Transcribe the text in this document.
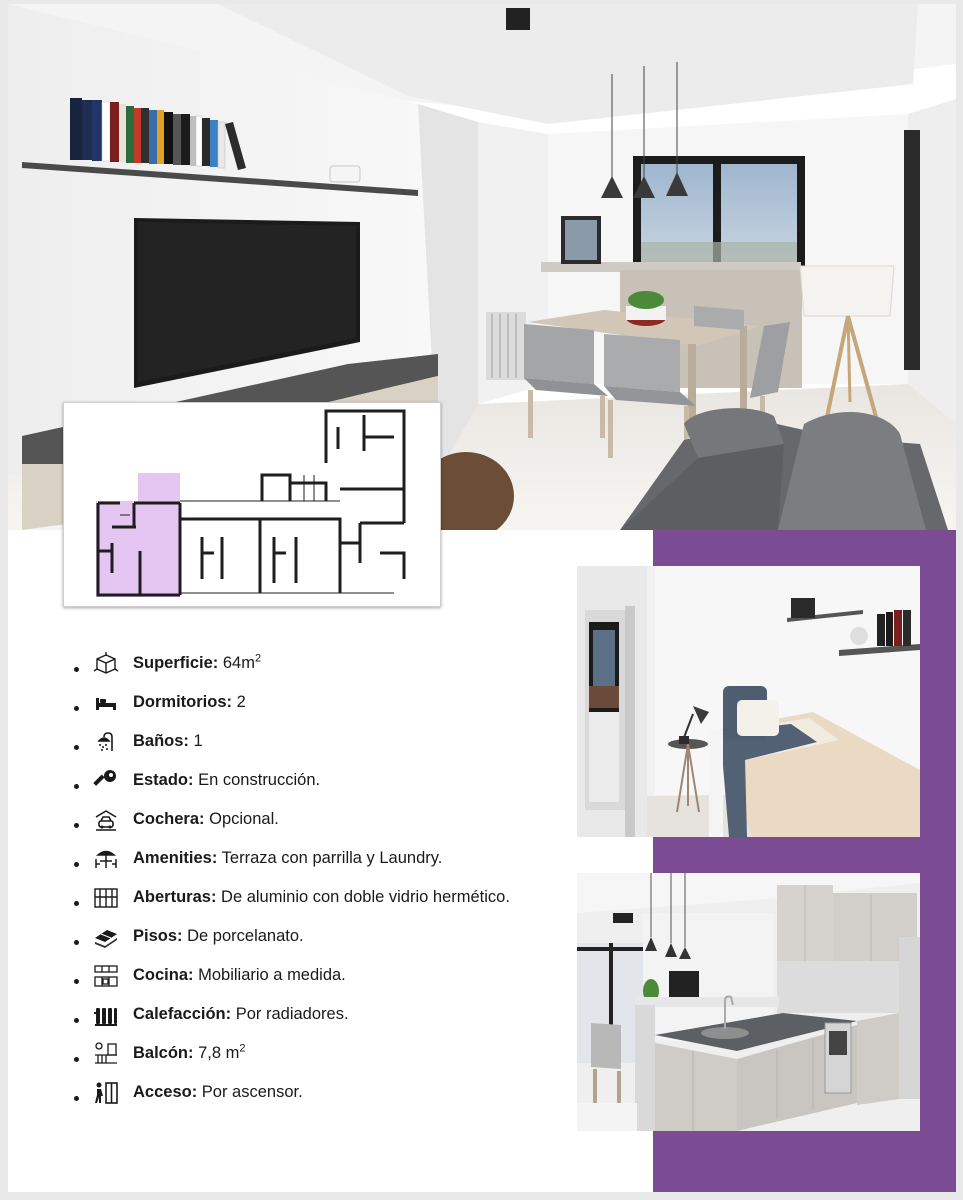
Superficie: $64m^2$
Dormitorios: 2
Baños: 1
Estado: En construcción.
Cochera: Opcional.
Amenities: Terraza con parrilla y Laundry.
Aberturas: De aluminio con doble vidrio hermético.
Pisos: De porcelanato.
Cocina: Mobiliario a medida.
Calefacción: Por radiadores.
Balcón: 7,8 $m^2$
Acceso: Por ascensor.
